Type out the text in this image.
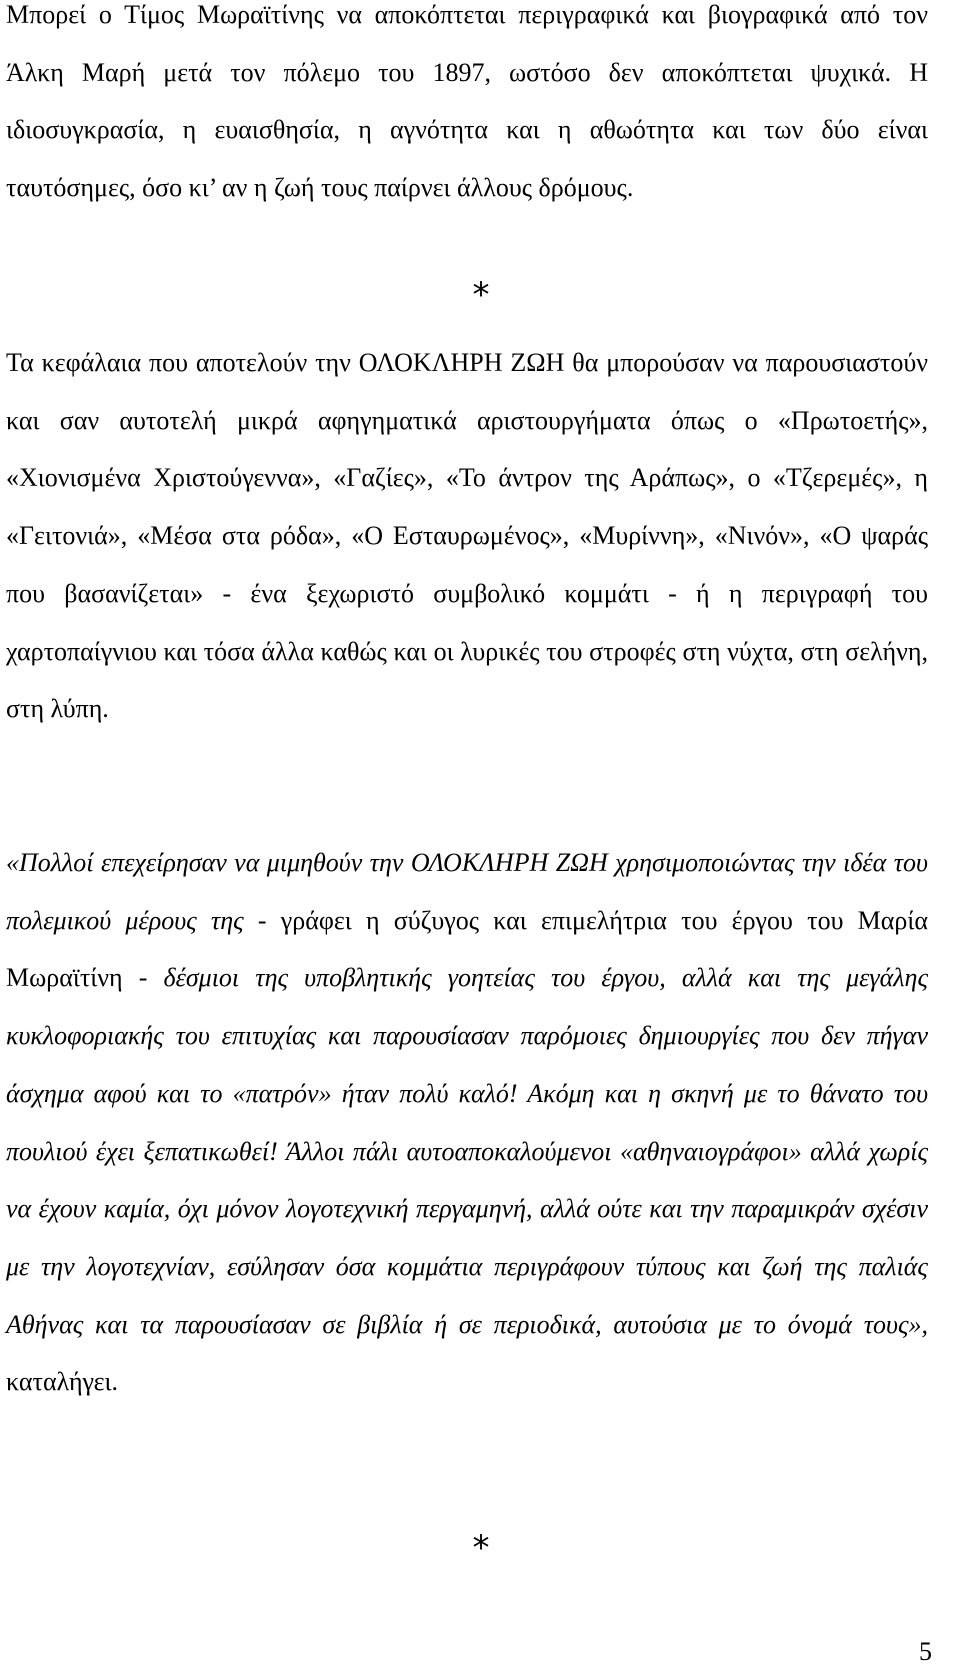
Μπορεί ο Τίμος Μωραϊτίνης να αποκόπτεται περιγραφικά και βιογραφικά από τον Άλκη Μαρή μετά τον πόλεμο του 1897, ωστόσο δεν αποκόπτεται ψυχικά. Η ιδιοσυγκρασία, η ευαισθησία, η αγνότητα και η αθωότητα και των δύο είναι ταυτόσημες, όσο κι’ αν η ζωή τους παίρνει άλλους δρόμους.

*

Τα κεφάλαια που αποτελούν την ΟΛΟΚΛΗΡΗ ΖΩΗ θα μπορούσαν να παρουσιαστούν και σαν αυτοτελή μικρά αφηγηματικά αριστουργήματα όπως ο «Πρωτοετής», «Χιονισμένα Χριστούγεννα», «Γαζίες», «Το άντρον της Αράπως», ο «Τζερεμές», η «Γειτονιά», «Μέσα στα ρόδα», «Ο Εσταυρωμένος», «Μυρίννη», «Νινόν», «Ο ψαράς που βασανίζεται» - ένα ξεχωριστό συμβολικό κομμάτι - ή η περιγραφή του χαρτοπαίγνιου και τόσα άλλα καθώς και οι λυρικές του στροφές στη νύχτα, στη σελήνη, στη λύπη.

«Πολλοί επεχείρησαν να μιμηθούν την ΟΛΟΚΛΗΡΗ ΖΩΗ χρησιμοποιώντας την ιδέα του πολεμικού μέρους της - γράφει η σύζυγος και επιμελήτρια του έργου του Μαρία Μωραϊτίνη - δέσμιοι της υποβλητικής γοητείας του έργου, αλλά και της μεγάλης κυκλοφοριακής του επιτυχίας και παρουσίασαν παρόμοιες δημιουργίες που δεν πήγαν άσχημα αφού και το «πατρόν» ήταν πολύ καλό! Ακόμη και η σκηνή με το θάνατο του πουλιού έχει ξεπατικωθεί! Άλλοι πάλι αυτοαποκαλούμενοι «αθηναιογράφοι» αλλά χωρίς να έχουν καμία, όχι μόνον λογοτεχνική περγαμηνή, αλλά ούτε και την παραμικράν σχέσιν με την λογοτεχνίαν, εσύλησαν όσα κομμάτια περιγράφουν τύπους και ζωή της παλιάς Αθήνας και τα παρουσίασαν σε βιβλία ή σε περιοδικά, αυτούσια με το όνομά τους», καταλήγει.

*
5
